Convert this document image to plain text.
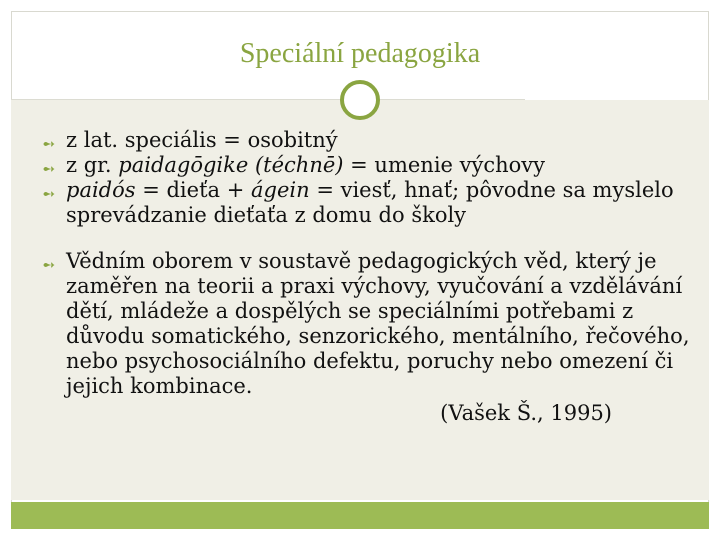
Speciální pedagogika
➻ z lat. speciális = osobitný
➻ z gr. paidagōgike (téchnē) = umenie výchovy
➻ paidós = dieťa + ágein = viesť, hnať; pôvodne sa myslelo sprevádzanie dieťaťa z domu do školy
➻ Vědním oborem v soustavě pedagogických věd, který je zaměřen na teorii a praxi výchovy, vyučování a vzdělávání dětí, mládeže a dospělých se speciálními potřebami z důvodu somatického, senzorického, mentálního, řečového, nebo psychosociálního defektu, poruchy nebo omezení či jejich kombinace.
(Vašek Š., 1995)
